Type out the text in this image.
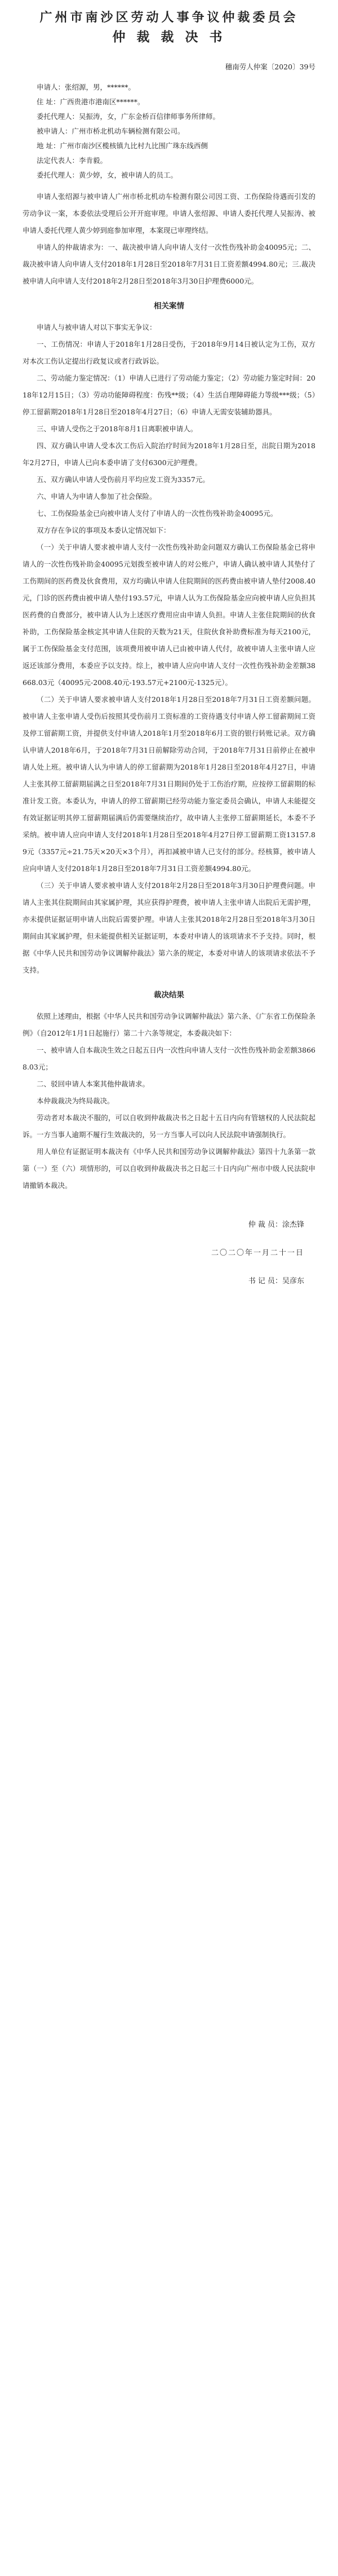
广州市南沙区劳动人事争议仲裁委员会
仲 裁 裁 决 书

穗南劳人仲案〔2020〕39号

申请人：张绍源，男，******。

住 址：广西贵港市港南区******。

委托代理人：吴振涛，女，广东金桥百信律师事务所律师。

被申请人：广州市桥北机动车辆检测有限公司。

地 址：广州市南沙区榄核镇九比村九比围广珠东线西侧

法定代表人：李肯毅。

委托代理人：黄少婷，女，被申请人的员工。

申请人张绍源与被申请人广州市桥北机动车检测有限公司因工资、工伤保险待遇而引发的劳动争议一案，本委依法受理后公开开庭审理。申请人张绍源、申请人委托代理人吴振涛、被申请人委托代理人黄少婷到庭参加审理，本案现已审理终结。

申请人的仲裁请求为：一、裁决被申请人向申请人支付一次性伤残补助金40095元；二、裁决被申请人向申请人支付2018年1月28日至2018年7月31日工资差额4994.80元；三.裁决被申请人向申请人支付2018年2月28日至2018年3月30日护理费6000元。

相关案情

申请人与被申请人对以下事实无争议：

一、工伤情况：申请人于2018年1月28日受伤，于2018年9月14日被认定为工伤，双方对本次工伤认定提出行政复议或者行政诉讼。

二、劳动能力鉴定情况：（1）申请人已进行了劳动能力鉴定；（2）劳动能力鉴定时间：2018年12月15日；（3）劳动功能障碍程度：伤残**级；（4）生活自理障碍能力等级***级；（5）停工留薪期2018年1月28日至2018年4月27日；（6）申请人无需安装辅助器具。

三、申请人受伤之于2018年8月1日离职被申请人。

四、双方确认申请人受本次工伤后入院治疗时间为2018年1月28日至，出院日期为2018年2月27日，申请人已向本委申请了支付6300元护理费。

五、双方确认申请人受伤前月平均应发工资为3357元。

六、申请人为申请人参加了社会保险。

七、工伤保险基金已向被申请人支付了申请人的一次性伤残补助金40095元。

双方存在争议的事项及本委认定情况如下：

（一）关于申请人要求被申请人支付一次性伤残补助金问题双方确认工伤保险基金已将申请人的一次性伤残补助金40095元划拨至被申请人的对公账户，申请人确认被申请人其垫付了工伤期间的医药费及伙食费用，双方均确认申请人住院期间的医药费由被申请人垫付2008.40元，门诊的医药费由被申请人垫付193.57元，申请人认为工伤保险基金应向被申请人应负担其医药费的自费部分，被申请人认为上述医疗费用应由申请人负担。申请人主张住院期间的伙食补助，工伤保险基金核定其申请人住院的天数为21天，住院伙食补助费标准为每天2100元，属于工伤保险基金支付范围，该项费用被申请人已由被申请人代付，故被申请人主张申请人应返还该部分费用，本委应予以支持。综上，被申请人应向申请人支付一次性伤残补助金差额38668.03元（40095元-2008.40元-193.57元+2100元-1325元）。

（二）关于申请人要求被申请人支付2018年1月28日至2018年7月31日工资差额问题。被申请人主张申请人受伤后按照其受伤前月工资标准的工资待遇支付申请人停工留薪期间工资及停工留薪期工资，并提供支付申请人2018年1月至2018年6月工资的银行转账记录。双方确认申请人2018年6月，于2018年7月31日前解除劳动合同，于2018年7月31日前停止在被申请人处上班。被申请人认为申请人的停工留薪期为2018年1月28日至2018年4月27日，申请人主张其停工留薪期届满之日至2018年7月31日期间仍处于工伤治疗期，应按停工留薪期的标准计发工资。本委认为，申请人的停工留薪期已经劳动能力鉴定委员会确认，申请人未能提交有效证据证明其停工留薪期届满后仍需要继续治疗，故申请人主张停工留薪期延长，本委不予采纳。被申请人应向申请人支付2018年1月28日至2018年4月27日停工留薪期工资13157.89元（3357元÷21.75天×20天×3个月），再扣减被申请人已支付的部分。经核算，被申请人应向申请人支付2018年1月28日至2018年7月31日工资差额4994.80元。

（三）关于申请人要求被申请人支付2018年2月28日至2018年3月30日护理费问题。申请人主张其住院期间由其家属护理，其应获得护理费，被申请人主张申请人出院后无需护理，亦未提供证据证明申请人出院后需要护理。申请人主张其2018年2月28日至2018年3月30日期间由其家属护理，但未能提供相关证据证明，本委对申请人的该项请求不予支持。同时，根据《中华人民共和国劳动争议调解仲裁法》第六条的规定，本委对申请人的该项请求依法不予支持。

裁决结果

依照上述理由，根据《中华人民共和国劳动争议调解仲裁法》第六条、《广东省工伤保险条例》（自2012年1月1日起施行）第二十六条等规定，本委裁决如下：

一、被申请人自本裁决生效之日起五日内一次性向申请人支付一次性伤残补助金差额38668.03元；

二、驳回申请人本案其他仲裁请求。

本仲裁裁决为终局裁决。

劳动者对本裁决不服的，可以自收到仲裁裁决书之日起十五日内向有管辖权的人民法院起诉。一方当事人逾期不履行生效裁决的，另一方当事人可以向人民法院申请强制执行。

用人单位有证据证明本裁决有《中华人民共和国劳动争议调解仲裁法》第四十九条第一款第（一）至（六）项情形的，可以自收到仲裁裁决书之日起三十日内向广州市中级人民法院申请撤销本裁决。

仲 裁 员：涂杰锋

二〇二〇年一月二十一日

书 记 员：吴彦东
